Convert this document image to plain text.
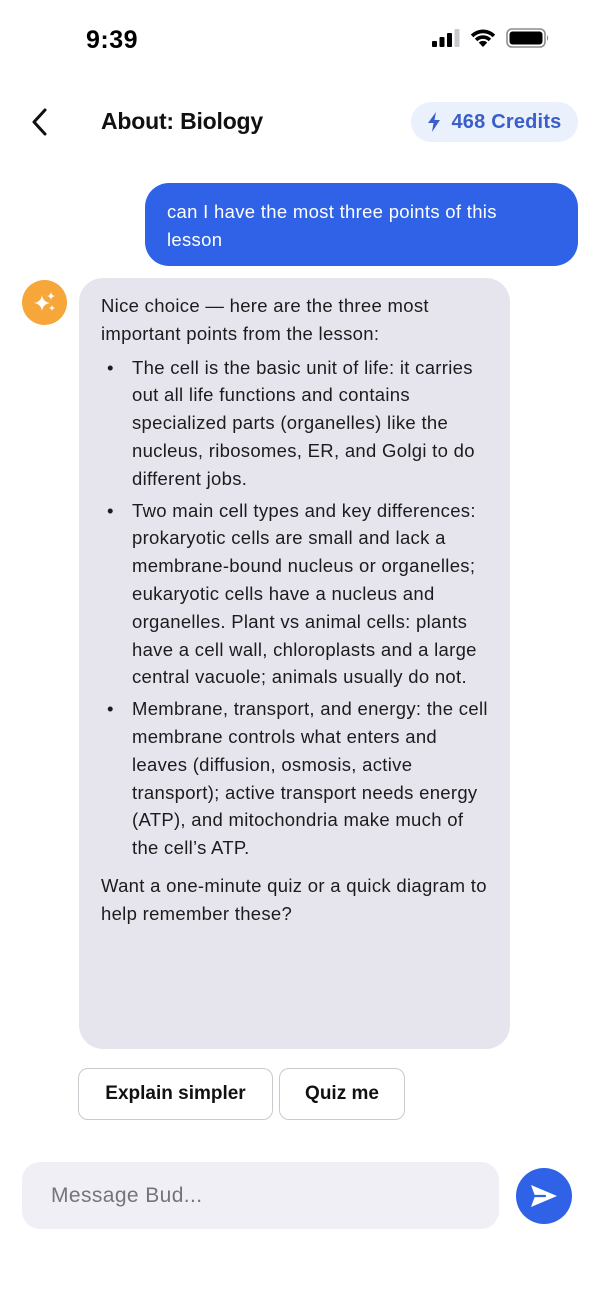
9:39
About: Biology	468 Credits
can I have the most three points of this lesson

Nice choice — here are the three most important points from the lesson:

• The cell is the basic unit of life: it carries out all life functions and contains specialized parts (organelles) like the nucleus, ribosomes, ER, and Golgi to do different jobs.
• Two main cell types and key differences: prokaryotic cells are small and lack a membrane-bound nucleus or organelles; eukaryotic cells have a nucleus and organelles. Plant vs animal cells: plants have a cell wall, chloroplasts and a large central vacuole; animals usually do not.
• Membrane, transport, and energy: the cell membrane controls what enters and leaves (diffusion, osmosis, active transport); active transport needs energy (ATP), and mitochondria make much of the cell’s ATP.

Want a one-minute quiz or a quick diagram to help remember these?

Explain simpler	Quiz me
Message Bud...
